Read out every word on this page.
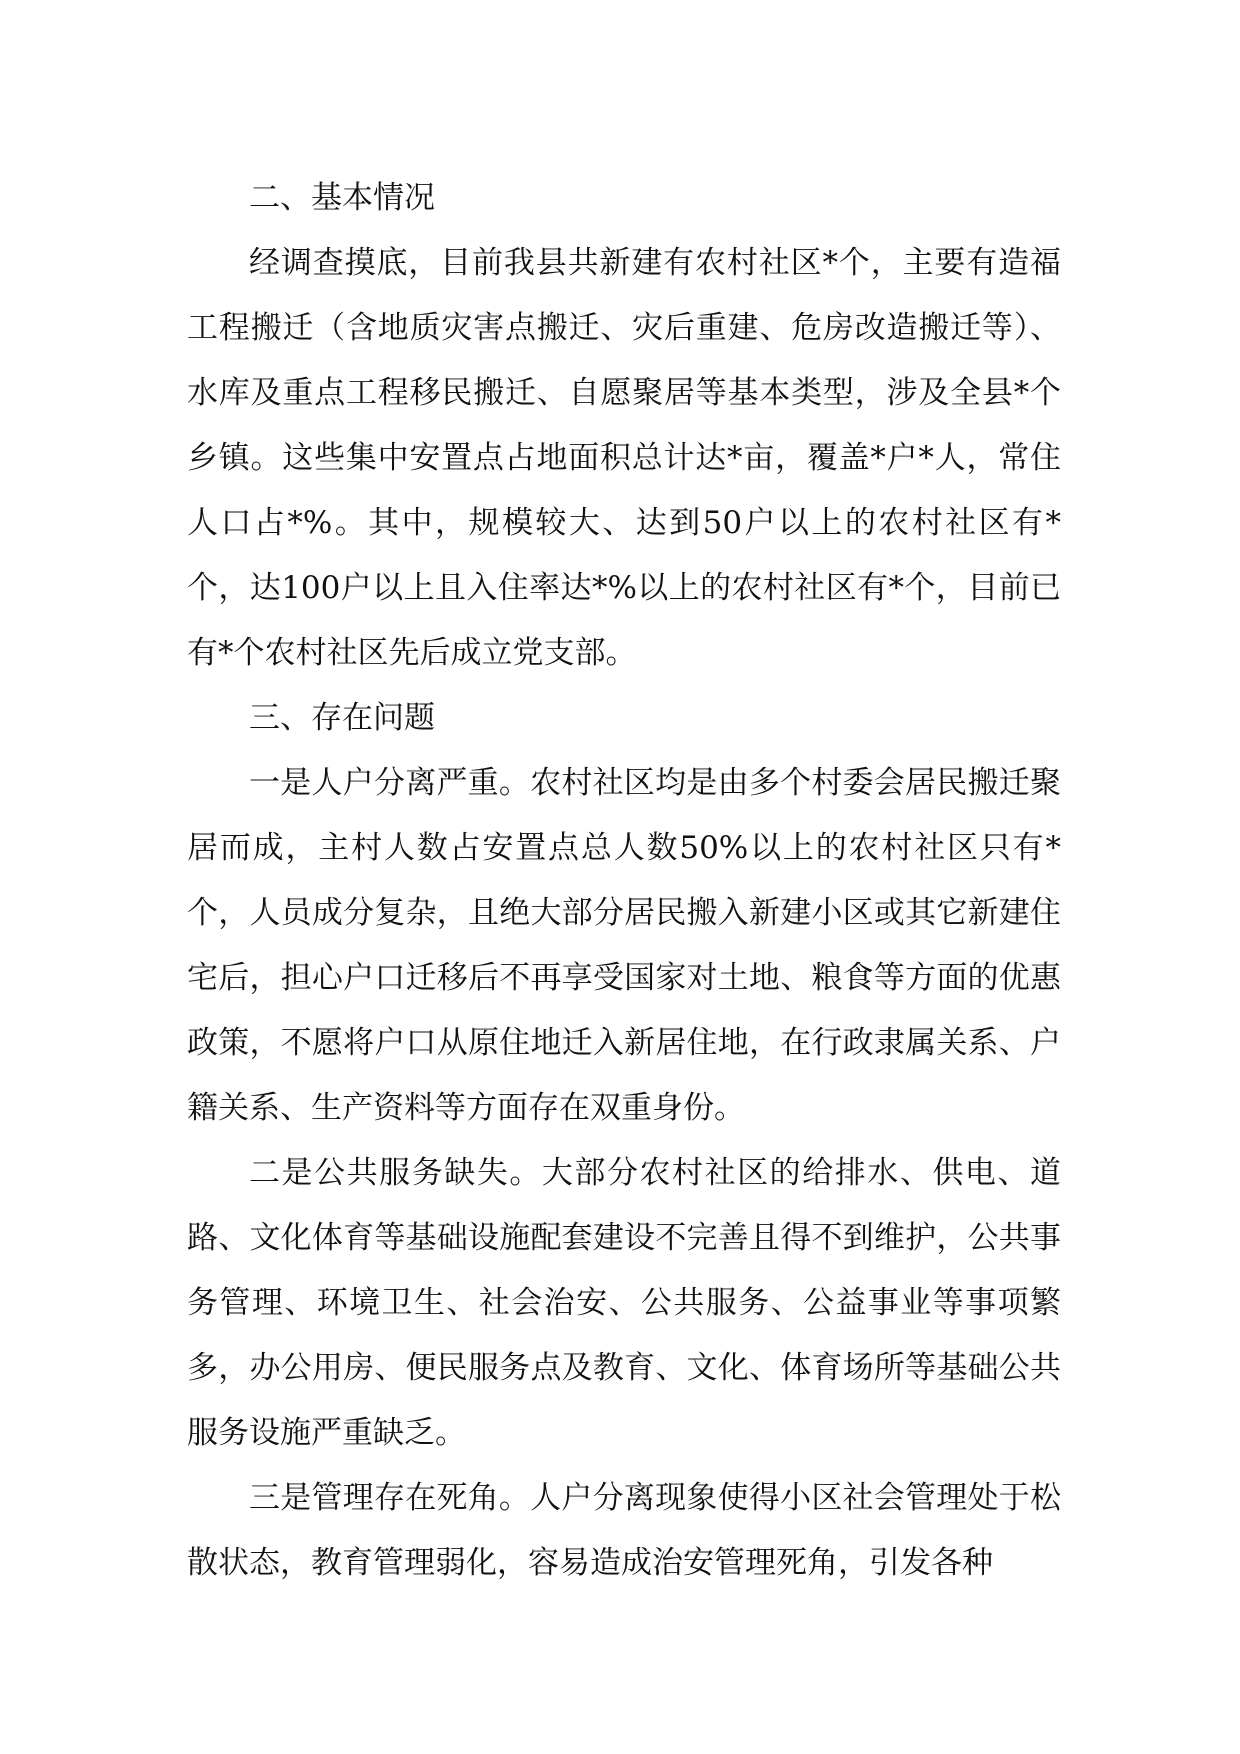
二、基本情况

经调查摸底，目前我县共新建有农村社区*个，主要有造福工程搬迁（含地质灾害点搬迁、灾后重建、危房改造搬迁等）、水库及重点工程移民搬迁、自愿聚居等基本类型，涉及全县*个乡镇。这些集中安置点占地面积总计达*亩，覆盖*户*人，常住人口占*%。其中，规模较大、达到50户以上的农村社区有*个，达100户以上且入住率达*%以上的农村社区有*个，目前已有*个农村社区先后成立党支部。

三、存在问题

一是人户分离严重。农村社区均是由多个村委会居民搬迁聚居而成，主村人数占安置点总人数50%以上的农村社区只有*个，人员成分复杂，且绝大部分居民搬入新建小区或其它新建住宅后，担心户口迁移后不再享受国家对土地、粮食等方面的优惠政策，不愿将户口从原住地迁入新居住地，在行政隶属关系、户籍关系、生产资料等方面存在双重身份。

二是公共服务缺失。大部分农村社区的给排水、供电、道路、文化体育等基础设施配套建设不完善且得不到维护，公共事务管理、环境卫生、社会治安、公共服务、公益事业等事项繁多，办公用房、便民服务点及教育、文化、体育场所等基础公共服务设施严重缺乏。

三是管理存在死角。人户分离现象使得小区社会管理处于松散状态，教育管理弱化，容易造成治安管理死角，引发各种
